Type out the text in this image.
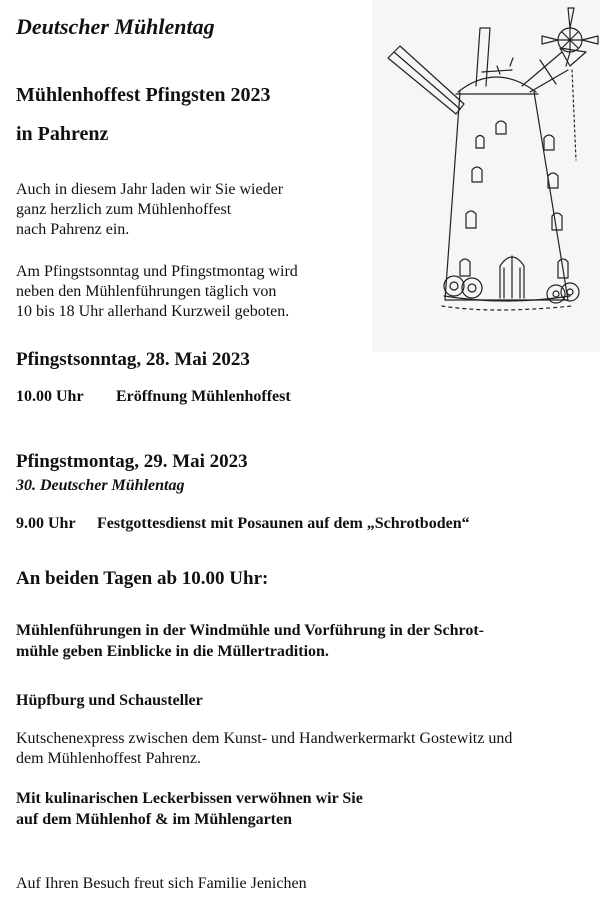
Deutscher Mühlentag

Mühlenhoffest Pfingsten 2023

in Pahrenz

Auch in diesem Jahr laden wir Sie wieder
ganz herzlich zum Mühlenhoffest
nach Pahrenz ein.
Am Pfingstsonntag und Pfingstmontag wird
neben den Mühlenführungen täglich von
10 bis 18 Uhr allerhand Kurzweil geboten.

Pfingstsonntag, 28. Mai 2023

10.00 Uhr Eröffnung Mühlenhoffest

Pfingstmontag, 29. Mai 2023

30. Deutscher Mühlentag

9.00 Uhr Festgottesdienst mit Posaunen auf dem „Schrotboden“

An beiden Tagen ab 10.00 Uhr:

Mühlenführungen in der Windmühle und Vorführung in der Schrot-
mühle geben Einblicke in die Müllertradition.

Hüpfburg und Schausteller

Kutschenexpress zwischen dem Kunst- und Handwerkermarkt Gostewitz und
dem Mühlenhoffest Pahrenz.
Mit kulinarischen Leckerbissen verwöhnen wir Sie
auf dem Mühlenhof & im Mühlengarten

Auf Ihren Besuch freut sich Familie Jenichen
